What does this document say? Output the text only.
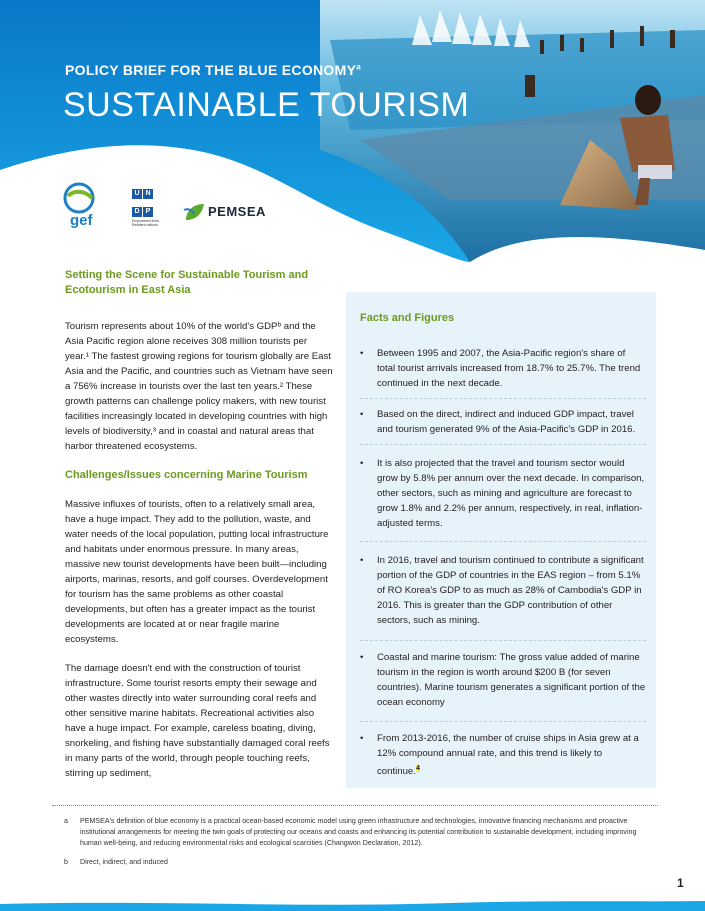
POLICY BRIEF FOR THE BLUE ECONOMY$^a$
SUSTAINABLE TOURISM
gef
U ND P
Empowered lives. Resilient nations.
PEMSEA
Setting the Scene for Sustainable Tourism and Ecotourism in East Asia

Tourism represents about 10% of the world's GDPᵇ and the Asia Pacific region alone receives 308 million tourists per year.¹ The fastest growing regions for tourism globally are East Asia and the Pacific, and countries such as Vietnam have seen a 756% increase in tourists over the last ten years.² These growth patterns can challenge policy makers, with new tourist facilities increasingly located in developing countries with high levels of biodiversity,³ and in coastal and natural areas that harbor threatened ecosystems.

Challenges/Issues concerning Marine Tourism

Massive influxes of tourists, often to a relatively small area, have a huge impact. They add to the pollution, waste, and water needs of the local population, putting local infrastructure and habitats under enormous pressure. In many areas, massive new tourist developments have been built—including airports, marinas, resorts, and golf courses. Overdevelopment for tourism has the same problems as other coastal developments, but often has a greater impact as the tourist developments are located at or near fragile marine ecosystems.

The damage doesn't end with the construction of tourist infrastructure. Some tourist resorts empty their sewage and other wastes directly into water surrounding coral reefs and other sensitive marine habitats. Recreational activities also have a huge impact. For example, careless boating, diving, snorkeling, and fishing have substantially damaged coral reefs in many parts of the world, through people touching reefs, stirring up sediment,

Facts and Figures
•	Between 1995 and 2007, the Asia-Pacific region's share of total tourist arrivals increased from 18.7% to 25.7%. The trend continued in the next decade.
•	Based on the direct, indirect and induced GDP impact, travel and tourism generated 9% of the Asia-Pacific's GDP in 2016.
•	It is also projected that the travel and tourism sector would grow by 5.8% per annum over the next decade. In comparison, other sectors, such as mining and agriculture are forecast to grow 1.8% and 2.2% per annum, respectively, in real, inflation-adjusted terms.
•	In 2016, travel and tourism continued to contribute a significant portion of the GDP of countries in the EAS region – from 5.1% of RO Korea's GDP to as much as 28% of Cambodia's GDP in 2016. This is greater than the GDP contribution of other sectors, such as mining.
•	Coastal and marine tourism: The gross value added of marine tourism in the region is worth around $200 B (for seven countries). Marine tourism generates a significant portion of the ocean economy
•	From 2013-2016, the number of cruise ships in Asia grew at a 12% compound annual rate, and this trend is likely to continue.$^4$
a PEMSEA's definition of blue economy is a practical ocean-based economic model using green infrastructure and technologies, innovative financing mechanisms and proactive institutional arrangements for meeting the twin goals of protecting our oceans and coasts and enhancing its potential contribution to sustainable development, including improving human well-being, and reducing environmental risks and ecological scarcities (Changwon Declaration, 2012).
b Direct, indirect, and induced
1
